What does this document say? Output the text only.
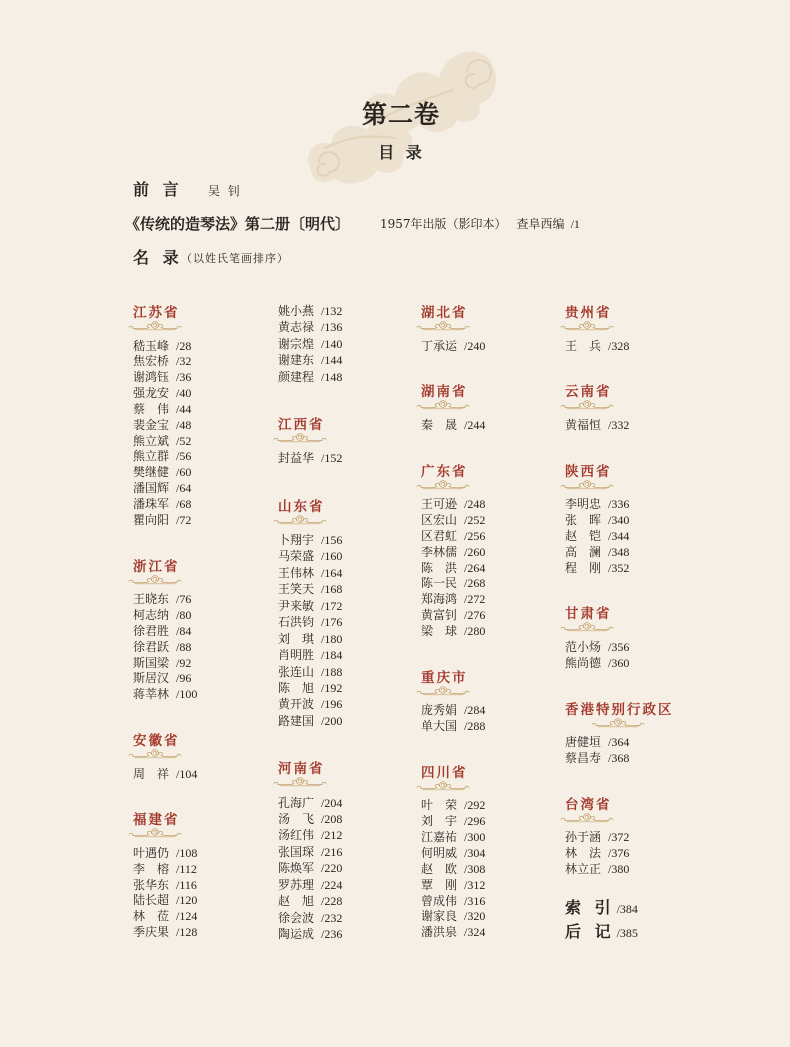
第二卷
目 录
前 言 吴 钊
《传统的造琴法》第二册〔明代〕 1957年出版（影印本） 查阜西编 /1
名 录
（以姓氏笔画排序）
江苏省
嵇玉峰 /28
焦宏桥 /32
谢鸿钰 /36
强龙安 /40
蔡 伟 /44
裴金宝 /48
熊立斌 /52
熊立群 /56
樊继健 /60
潘国辉 /64
潘珠军 /68
瞿向阳 /72
浙江省
王晓东 /76
柯志纳 /80
徐君胜 /84
徐君跃 /88
斯国梁 /92
斯居汉 /96
蒋莘林 /100
安徽省
周 祥 /104
福建省
叶遇仍 /108
李 榕 /112
张华东 /116
陆长超 /120
林 莅 /124
季庆果 /128
姚小燕 /132
黄志禄 /136
谢宗煌 /140
谢建东 /144
颜建程 /148
江西省
封益华 /152
山东省
卜翔宇 /156
马荣盛 /160
王伟林 /164
王笑天 /168
尹来敏 /172
石洪钧 /176
刘 琪 /180
肖明胜 /184
张连山 /188
陈 旭 /192
黄开波 /196
路建国 /200
河南省
孔海广 /204
汤 飞 /208
汤红伟 /212
张国琛 /216
陈焕军 /220
罗苏理 /224
赵 旭 /228
徐会波 /232
陶运成 /236
湖北省
丁承运 /240
湖南省
秦 晟 /244
广东省
王可逊 /248
区宏山 /252
区君虹 /256
李林儒 /260
陈 洪 /264
陈一民 /268
郑海鸿 /272
黄富钊 /276
梁 球 /280
重庆市
庞秀娟 /284
单大国 /288
四川省
叶 荣 /292
刘 宇 /296
江嘉祐 /300
何明威 /304
赵 欧 /308
覃 刚 /312
曾成伟 /316
谢家良 /320
潘洪泉 /324
贵州省
王 兵 /328
云南省
黄福恒 /332
陕西省
李明忠 /336
张 晖 /340
赵 铠 /344
高 澜 /348
程 刚 /352
甘肃省
范小炀 /356
熊尚德 /360
香港特别行政区
唐健垣 /364
蔡昌寿 /368
台湾省
孙于涵 /372
林 法 /376
林立正 /380
索 引 /384
后 记 /385
